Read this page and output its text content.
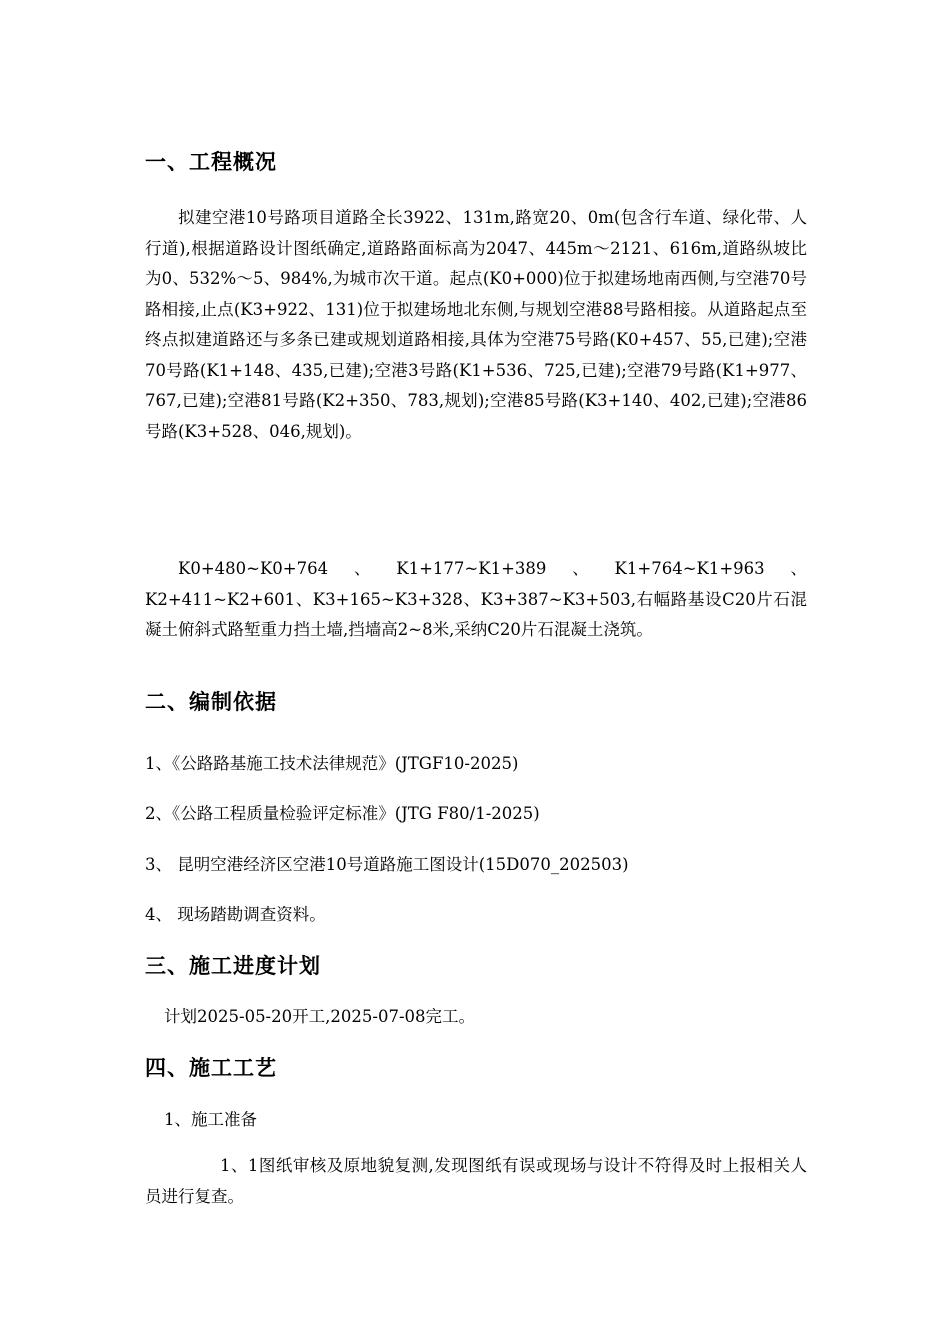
一、工程概况
拟建空港10号路项目道路全长3922、131m,路宽20、0m(包含行车道、绿化带、人行道),根据道路设计图纸确定,道路路面标高为2047、445m～2121、616m,道路纵坡比为0、532%～5、984%,为城市次干道。起点(K0+000)位于拟建场地南西侧,与空港70号路相接,止点(K3+922、131)位于拟建场地北东侧,与规划空港88号路相接。从道路起点至终点拟建道路还与多条已建或规划道路相接,具体为空港75号路(K0+457、55,已建);空港70号路(K1+148、435,已建);空港3号路(K1+536、725,已建);空港79号路(K1+977、767,已建);空港81号路(K2+350、783,规划);空港85号路(K3+140、402,已建);空港86号路(K3+528、046,规划)。
K0+480~K0+764、K1+177~K1+389、K1+764~K1+963、K2+411~K2+601、K3+165~K3+328、K3+387~K3+503,右幅路基设C20片石混凝土俯斜式路堑重力挡土墙,挡墙高2~8米,采纳C20片石混凝土浇筑。
二、编制依据
1、《公路路基施工技术法律规范》(JTGF10-2025)
2、《公路工程质量检验评定标准》(JTG F80/1-2025)
3、 昆明空港经济区空港10号道路施工图设计(15D070_202503)
4、 现场踏勘调查资料。
三、施工进度计划
计划2025-05-20开工,2025-07-08完工。
四、施工工艺
1、施工准备
1、1图纸审核及原地貌复测,发现图纸有误或现场与设计不符得及时上报相关人员进行复查。
